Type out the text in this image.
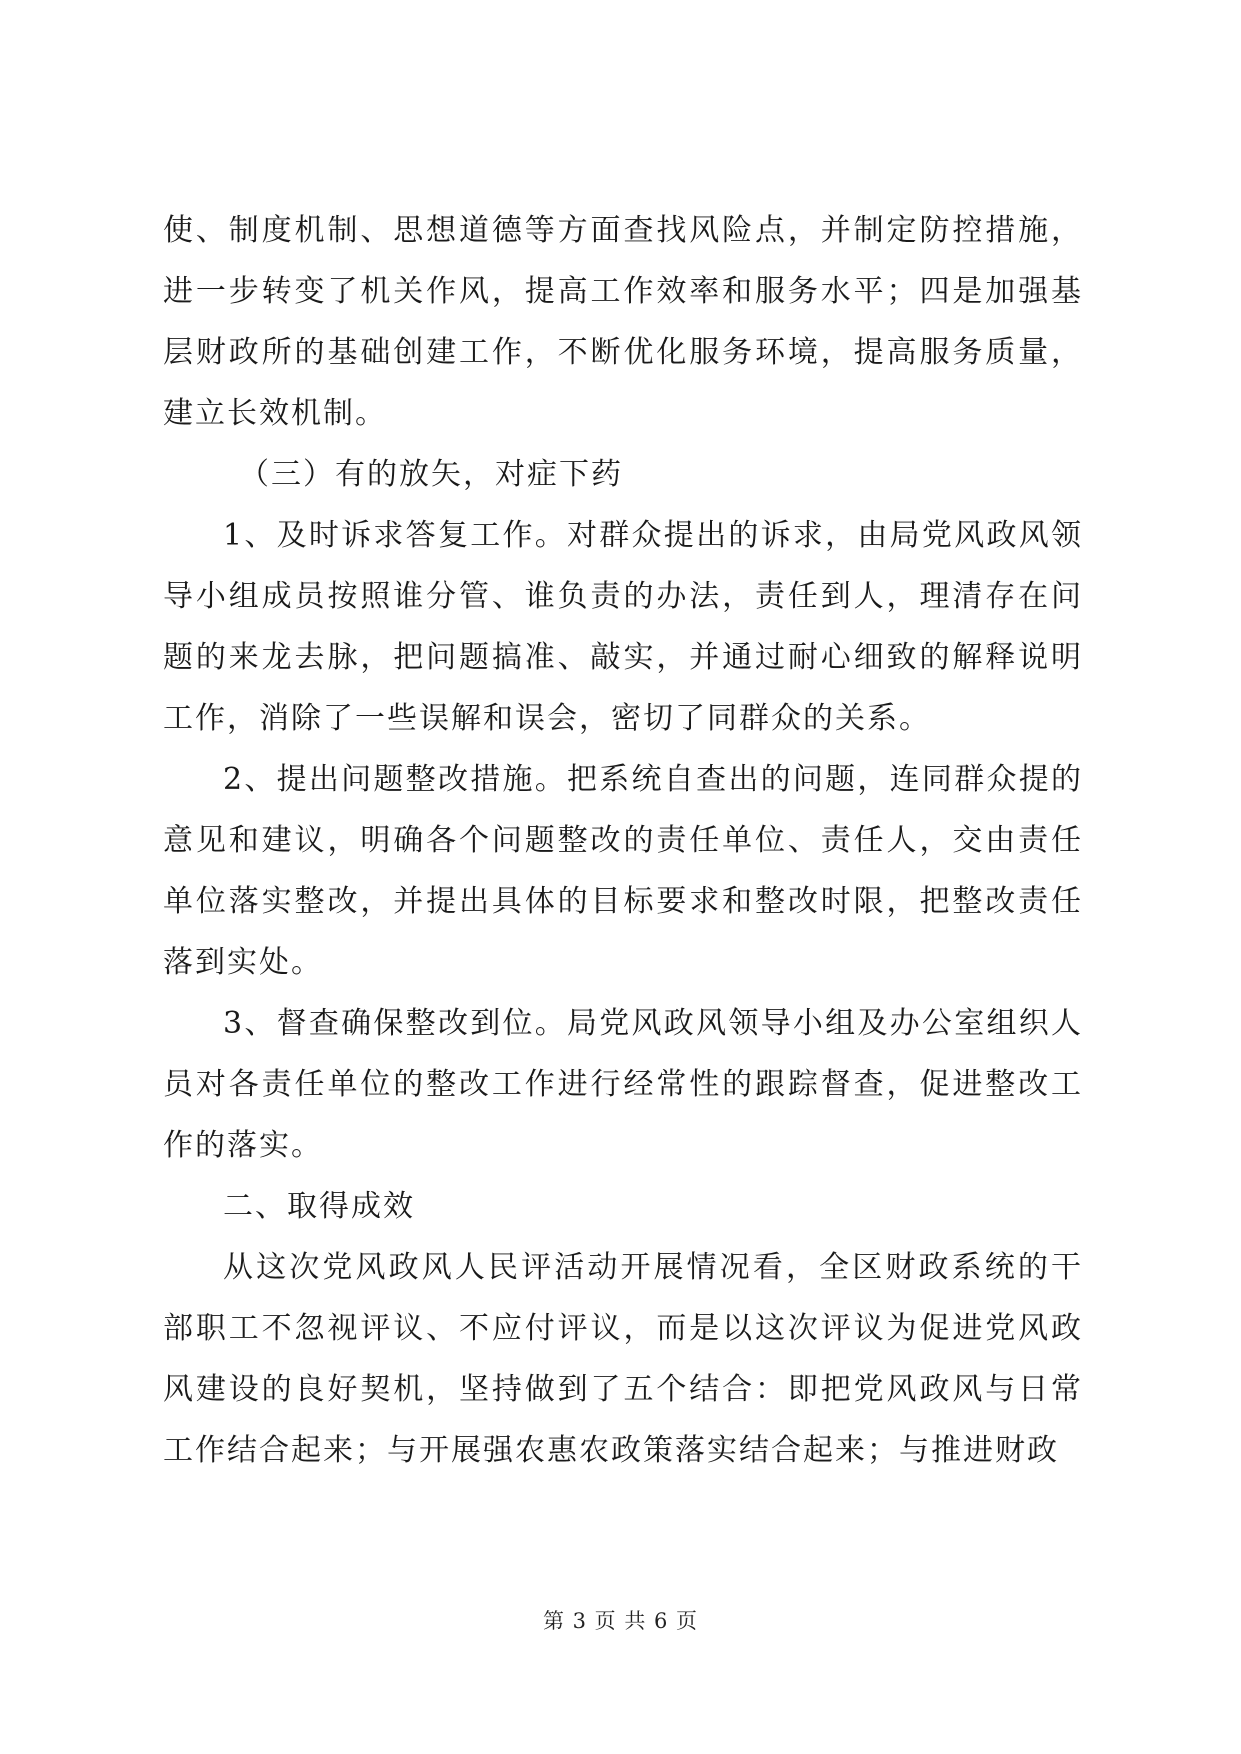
使、制度机制、思想道德等方面查找风险点，并制定防控措施，进一步转变了机关作风，提高工作效率和服务水平；四是加强基层财政所的基础创建工作，不断优化服务环境，提高服务质量，建立长效机制。

（三）有的放矢，对症下药

1、及时诉求答复工作。对群众提出的诉求，由局党风政风领导小组成员按照谁分管、谁负责的办法，责任到人，理清存在问题的来龙去脉，把问题搞准、敲实，并通过耐心细致的解释说明工作，消除了一些误解和误会，密切了同群众的关系。

2、提出问题整改措施。把系统自查出的问题，连同群众提的意见和建议，明确各个问题整改的责任单位、责任人，交由责任单位落实整改，并提出具体的目标要求和整改时限，把整改责任落到实处。

3、督查确保整改到位。局党风政风领导小组及办公室组织人员对各责任单位的整改工作进行经常性的跟踪督查，促进整改工作的落实。

二、取得成效

从这次党风政风人民评活动开展情况看，全区财政系统的干部职工不忽视评议、不应付评议，而是以这次评议为促进党风政风建设的良好契机，坚持做到了五个结合：即把党风政风与日常工作结合起来；与开展强农惠农政策落实结合起来；与推进财政

第 3 页 共 6 页
